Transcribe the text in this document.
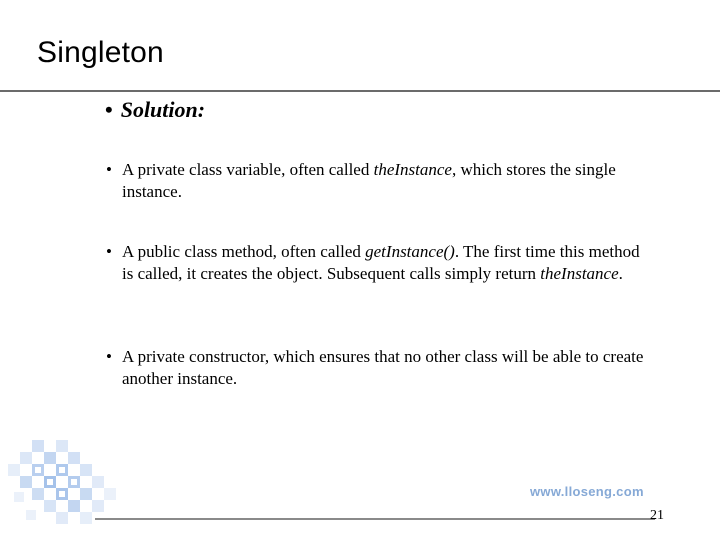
Singleton
• Solution:
• A private class variable, often called theInstance, which stores the single instance.
• A public class method, often called getInstance(). The first time this method is called, it creates the object. Subsequent calls simply return theInstance.
• A private constructor, which ensures that no other class will be able to create another instance.
www.lloseng.com
21
